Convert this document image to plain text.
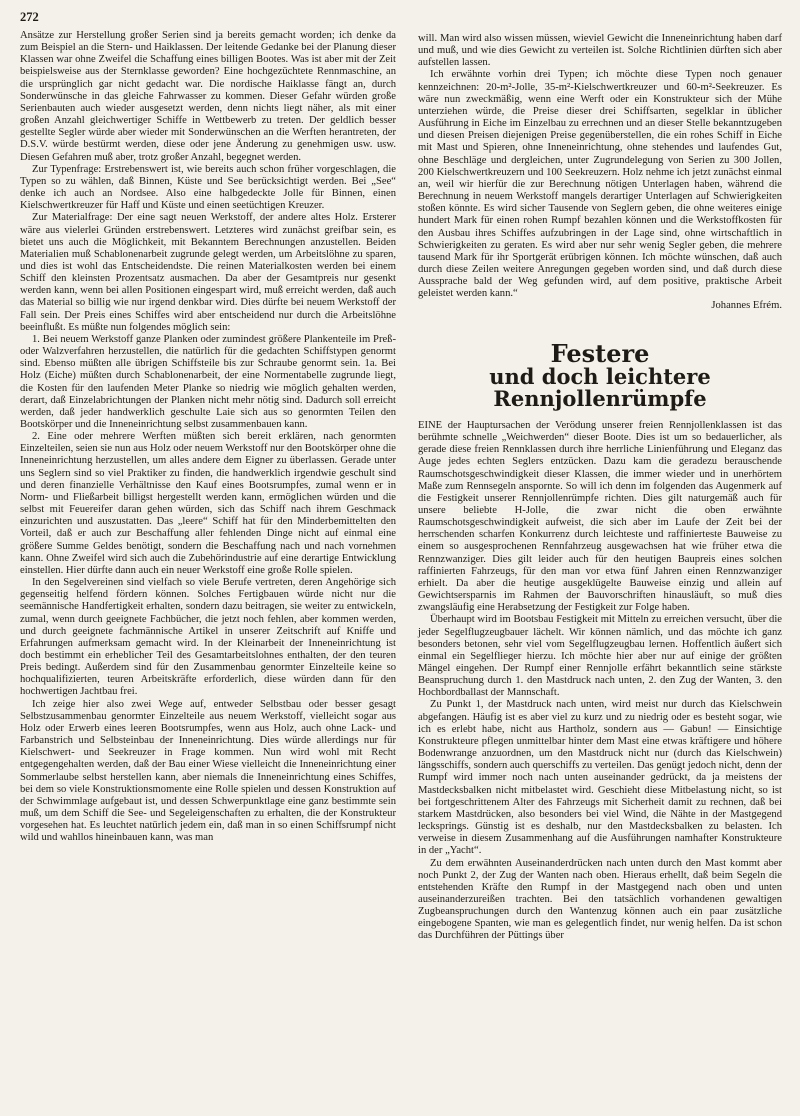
272

Ansätze zur Herstellung großer Serien sind ja bereits gemacht worden; ich denke da zum Beispiel an die Stern- und Haiklassen. Der leitende Gedanke bei der Planung dieser Klassen war ohne Zweifel die Schaffung eines billigen Bootes. Was ist aber mit der Zeit beispielsweise aus der Sternklasse geworden? Eine hochgezüchtete Rennmaschine, an die ursprünglich gar nicht gedacht war. Die nordische Haiklasse fängt an, durch Sonderwünsche in das gleiche Fahrwasser zu kommen. Dieser Gefahr würden große Serienbauten auch wieder ausgesetzt werden, denn nichts liegt näher, als mit einer großen Anzahl gleichwertiger Schiffe in Wettbewerb zu treten. Der geldlich besser gestellte Segler würde aber wieder mit Sonderwünschen an die Werften herantreten, der D.S.V. würde bestürmt werden, diese oder jene Änderung zu genehmigen usw. usw. Diesen Gefahren muß aber, trotz großer Anzahl, begegnet werden.

Zur Typenfrage: Erstrebenswert ist, wie bereits auch schon früher vorgeschlagen, die Typen so zu wählen, daß Binnen, Küste und See berücksichtigt werden. Bei „See“ denke ich auch an Nordsee. Also eine halbgedeckte Jolle für Binnen, einen Kielschwertkreuzer für Haff und Küste und einen seetüchtigen Kreuzer.

Zur Materialfrage: Der eine sagt neuen Werkstoff, der andere altes Holz. Ersterer wäre aus vielerlei Gründen erstrebenswert. Letzteres wird zunächst greifbar sein, es bietet uns auch die Möglichkeit, mit Bekanntem Berechnungen anzustellen. Beiden Materialien muß Schablonenarbeit zugrunde gelegt werden, um Arbeitslöhne zu sparen, und dies ist wohl das Entscheidendste. Die reinen Materialkosten werden bei einem Schiff den kleinsten Prozentsatz ausmachen. Da aber der Gesamtpreis nur gesenkt werden kann, wenn bei allen Positionen eingespart wird, muß erreicht werden, daß auch das Material so billig wie nur irgend denkbar wird. Dies dürfte bei neuem Werkstoff der Fall sein. Der Preis eines Schiffes wird aber entscheidend nur durch die Arbeitslöhne beeinflußt. Es müßte nun folgendes möglich sein:

1. Bei neuem Werkstoff ganze Planken oder zumindest größere Plankenteile im Preß- oder Walzverfahren herzustellen, die natürlich für die gedachten Schiffstypen genormt sind. Ebenso müßten alle übrigen Schiffsteile bis zur Schraube genormt sein. 1a. Bei Holz (Eiche) müßten durch Schablonenarbeit, der eine Normentabelle zugrunde liegt, die Kosten für den laufenden Meter Planke so niedrig wie möglich gehalten werden, derart, daß Einzelabrichtungen der Planken nicht mehr nötig sind. Dadurch soll erreicht werden, daß jeder handwerklich geschulte Laie sich aus so genormten Teilen den Bootskörper und die Inneneinrichtung selbst zusammenbauen kann.

2. Eine oder mehrere Werften müßten sich bereit erklären, nach genormten Einzelteilen, seien sie nun aus Holz oder neuem Werkstoff nur den Bootskörper ohne die Inneneinrichtung herzustellen, um alles andere dem Eigner zu überlassen. Gerade unter uns Seglern sind so viel Praktiker zu finden, die handwerklich irgendwie geschult sind und deren finanzielle Verhältnisse den Kauf eines Bootsrumpfes, zumal wenn er in Norm- und Fließarbeit billigst hergestellt werden kann, ermöglichen würden und die selbst mit Feuereifer daran gehen würden, sich das Schiff nach ihrem Geschmack einzurichten und auszustatten. Das „leere“ Schiff hat für den Minderbemittelten den Vorteil, daß er auch zur Beschaffung aller fehlenden Dinge nicht auf einmal eine größere Summe Geldes benötigt, sondern die Beschaffung nach und nach vornehmen kann. Ohne Zweifel wird sich auch die Zubehörindustrie auf eine derartige Entwicklung einstellen. Hier dürfte dann auch ein neuer Werkstoff eine große Rolle spielen.

In den Segelvereinen sind vielfach so viele Berufe vertreten, deren Angehörige sich gegenseitig helfend fördern können. Solches Fertigbauen würde nicht nur die seemännische Handfertigkeit erhalten, sondern dazu beitragen, sie weiter zu entwickeln, zumal, wenn durch geeignete Fachbücher, die jetzt noch fehlen, aber kommen werden, und durch geeignete fachmännische Artikel in unserer Zeitschrift auf Kniffe und Erfahrungen aufmerksam gemacht wird. In der Kleinarbeit der Inneneinrichtung ist doch bestimmt ein erheblicher Teil des Gesamtarbeitslohnes enthalten, der den teuren Preis bedingt. Außerdem sind für den Zusammenbau genormter Einzelteile keine so hochqualifizierten, teuren Arbeitskräfte erforderlich, diese würden dann für den hochwertigen Jachtbau frei.

Ich zeige hier also zwei Wege auf, entweder Selbstbau oder besser gesagt Selbstzusammenbau genormter Einzelteile aus neuem Werkstoff, vielleicht sogar aus Holz oder Erwerb eines leeren Bootsrumpfes, wenn aus Holz, auch ohne Lack- und Farbanstrich und Selbsteinbau der Inneneinrichtung. Dies würde allerdings nur für Kielschwert- und Seekreuzer in Frage kommen. Nun wird wohl mit Recht entgegengehalten werden, daß der Bau einer Wiese vielleicht die Inneneinrichtung einer Sommerlaube selbst herstellen kann, aber niemals die Inneneinrichtung eines Schiffes, bei dem so viele Konstruktionsmomente eine Rolle spielen und dessen Konstruktion auf der Schwimmlage aufgebaut ist, und dessen Schwerpunktlage eine ganz bestimmte sein muß, um dem Schiff die See- und Segeleigenschaften zu erhalten, die der Konstrukteur vorgesehen hat. Es leuchtet natürlich jedem ein, daß man in so einen Schiffsrumpf nicht wild und wahllos hineinbauen kann, was man

will. Man wird also wissen müssen, wieviel Gewicht die Inneneinrichtung haben darf und muß, und wie dies Gewicht zu verteilen ist. Solche Richtlinien dürften sich aber aufstellen lassen.

Ich erwähnte vorhin drei Typen; ich möchte diese Typen noch genauer kennzeichnen: 20-m²-Jolle, 35-m²-Kielschwertkreuzer und 60-m²-Seekreuzer. Es wäre nun zweckmäßig, wenn eine Werft oder ein Konstrukteur sich der Mühe unterziehen würde, die Preise dieser drei Schiffsarten, segelklar in üblicher Ausführung in Eiche im Einzelbau zu errechnen und an dieser Stelle bekanntzugeben und diesen Preisen diejenigen Preise gegenüberstellen, die ein rohes Schiff in Eiche mit Mast und Spieren, ohne Inneneinrichtung, ohne stehendes und laufendes Gut, ohne Beschläge und dergleichen, unter Zugrundelegung von Serien zu 300 Jollen, 200 Kielschwertkreuzern und 100 Seekreuzern. Holz nehme ich jetzt zunächst einmal an, weil wir hierfür die zur Berechnung nötigen Unterlagen haben, während die Berechnung in neuem Werkstoff mangels derartiger Unterlagen auf Schwierigkeiten stoßen könnte. Es wird sicher Tausende von Seglern geben, die ohne weiteres einige hundert Mark für einen rohen Rumpf bezahlen können und die Werkstoffkosten für den Ausbau ihres Schiffes aufzubringen in der Lage sind, ohne wirtschaftlich in Schwierigkeiten zu geraten. Es wird aber nur sehr wenig Segler geben, die mehrere tausend Mark für ihr Sportgerät erübrigen können. Ich möchte wünschen, daß auch durch diese Zeilen weitere Anregungen gegeben worden sind, und daß durch diese Aussprache bald der Weg gefunden wird, auf dem positive, praktische Arbeit geleistet werden kann.“

Johannes Efrém.

Festere
und doch leichtere Rennjollenrümpfe

EINE der Hauptursachen der Verödung unserer freien Rennjollenklassen ist das berühmte schnelle „Weichwerden“ dieser Boote. Dies ist um so bedauerlicher, als gerade diese freien Rennklassen durch ihre herrliche Linienführung und Eleganz das Auge jedes echten Seglers entzücken. Dazu kam die geradezu berauschende Raumschotsgeschwindigkeit dieser Klassen, die immer wieder und in unerhörtem Maße zum Rennsegeln anspornte. So will ich denn im folgenden das Augenmerk auf die Festigkeit unserer Rennjollenrümpfe richten. Dies gilt naturgemäß auch für unsere beliebte H-Jolle, die zwar nicht die oben erwähnte Raumschotsgeschwindigkeit aufweist, die sich aber im Laufe der Zeit bei der herrschenden scharfen Konkurrenz durch leichteste und raffinierteste Bauweise zu einem so ausgesprochenen Rennfahrzeug ausgewachsen hat wie früher etwa die Rennzwanziger. Dies gilt leider auch für den heutigen Baupreis eines solchen raffinierten Fahrzeugs, für den man vor etwa fünf Jahren einen Rennzwanziger erhielt. Da aber die heutige ausgeklügelte Bauweise einzig und allein auf Gewichtsersparnis im Rahmen der Bauvorschriften hinausläuft, so muß dies zwangsläufig eine Herabsetzung der Festigkeit zur Folge haben.

Überhaupt wird im Bootsbau Festigkeit mit Mitteln zu erreichen versucht, über die jeder Segelflugzeugbauer lächelt. Wir können nämlich, und das möchte ich ganz besonders betonen, sehr viel vom Segelflugzeugbau lernen. Hoffentlich äußert sich einmal ein Segelflieger hierzu. Ich möchte hier aber nur auf einige der größten Mängel eingehen. Der Rumpf einer Rennjolle erfährt bekanntlich seine stärkste Beanspruchung durch 1. den Mastdruck nach unten, 2. den Zug der Wanten, 3. den Hochbordballast der Mannschaft.

Zu Punkt 1, der Mastdruck nach unten, wird meist nur durch das Kielschwein abgefangen. Häufig ist es aber viel zu kurz und zu niedrig oder es besteht sogar, wie ich es erlebt habe, nicht aus Hartholz, sondern aus — Gabun! — Einsichtige Konstrukteure pflegen unmittelbar hinter dem Mast eine etwas kräftigere und höhere Bodenwrange anzuordnen, um den Mastdruck nicht nur (durch das Kielschwein) längsschiffs, sondern auch querschiffs zu verteilen. Das genügt jedoch nicht, denn der Rumpf wird immer noch nach unten auseinander gedrückt, da ja meistens der Mastdecksbalken nicht mitbelastet wird. Geschieht diese Mitbelastung nicht, so ist bei fortgeschrittenem Alter des Fahrzeugs mit Sicherheit damit zu rechnen, daß bei starkem Mastdrücken, also besonders bei viel Wind, die Nähte in der Mastgegend lecksprings. Günstig ist es deshalb, nur den Mastdecksbalken zu belasten. Ich verweise in diesem Zusammenhang auf die Ausführungen namhafter Konstrukteure in der „Yacht“.

Zu dem erwähnten Auseinanderdrücken nach unten durch den Mast kommt aber noch Punkt 2, der Zug der Wanten nach oben. Hieraus erhellt, daß beim Segeln die entstehenden Kräfte den Rumpf in der Mastgegend nach oben und unten auseinanderzureißen trachten. Bei den tatsächlich vorhandenen gewaltigen Zugbeanspruchungen durch den Wantenzug können auch ein paar zusätzliche eingebogene Spanten, wie man es gelegentlich findet, nur wenig helfen. Da ist schon das Durchführen der Püttings über
